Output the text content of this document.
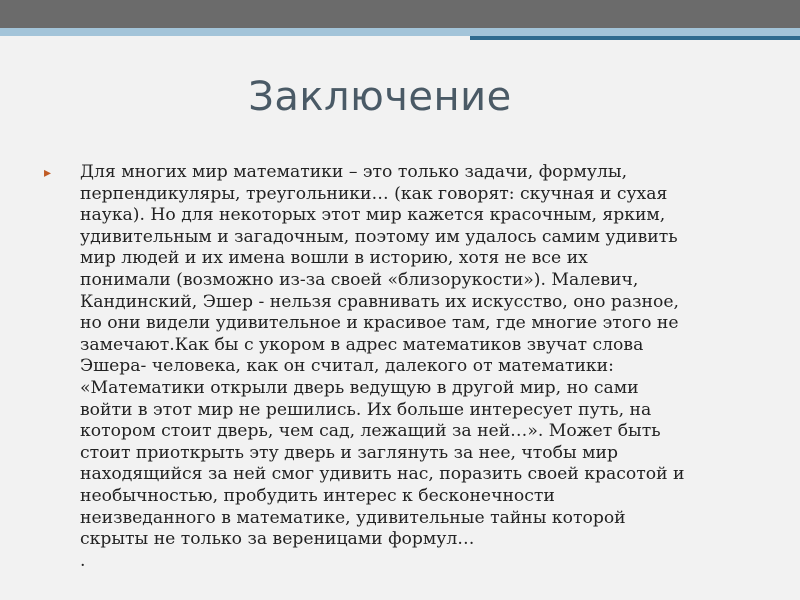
Заключение
▸ Для многих мир математики – это только задачи, формулы,
перпендикуляры, треугольники… (как говорят: скучная и сухая
наука). Но для некоторых этот мир кажется красочным, ярким,
удивительным и загадочным, поэтому им удалось самим удивить
мир людей и их имена вошли в историю, хотя не все их
понимали (возможно из-за своей «близорукости»). Малевич,
Кандинский, Эшер - нельзя сравнивать их искусство, оно разное,
но они видели удивительное и красивое там, где многие этого не
замечают.Как бы с укором в адрес математиков звучат слова
Эшера- человека, как он считал, далекого от математики:
«Математики открыли дверь ведущую в другой мир, но сами
войти в этот мир не решились. Их больше интересует путь, на
котором стоит дверь, чем сад, лежащий за ней…». Может быть
стоит приоткрыть эту дверь и заглянуть за нее, чтобы мир
находящийся за ней смог удивить нас, поразить своей красотой и
необычностью, пробудить интерес к бесконечности
неизведанного в математике, удивительные тайны которой
скрыты не только за вереницами формул…
.
